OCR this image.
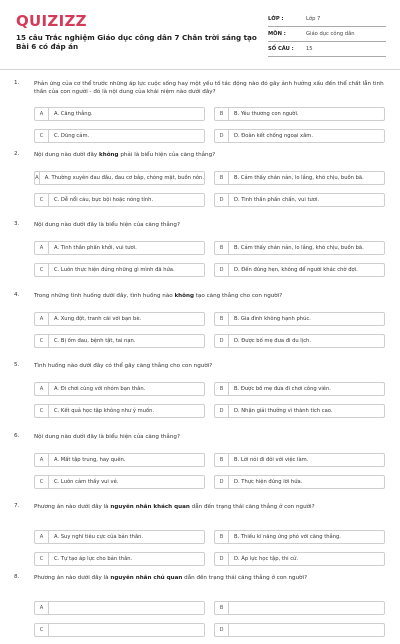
QUIZIZZ
15 câu Trắc nghiệm Giáo dục công dân 7 Chân trời sáng tạo Bài 6 có đáp án
LỚP :	Lớp 7
MÔN :	Giáo dục công dân
SỐ CÂU :	15
1.	Phản ứng của cơ thể trước những áp lực cuộc sống hay một yếu tố tác động nào đó gây ảnh hưởng xấu đến thể chất lẫn tinh thần của con người - đó là nội dung của khái niệm nào dưới đây?
A	A. Căng thẳng.	B	B. Yêu thương con người.
C	C. Dũng cảm.	D	D. Đoàn kết chống ngoại xâm.
2.	Nội dung nào dưới đây không phải là biểu hiện của căng thẳng?
A	A. Thường xuyên đau đầu, đau cơ bắp, chóng mặt, buồn nôn.	B	B. Cảm thấy chán nản, lo lắng, khó chịu, buồn bã.
C	C. Dễ nổi cáu, bực bội hoặc nóng tính.	D	D. Tinh thần phấn chấn, vui tươi.
3.	Nội dung nào dưới đây là biểu hiện của căng thẳng?
A	A. Tinh thần phấn khởi, vui tươi.	B	B. Cảm thấy chán nản, lo lắng, khó chịu, buồn bã.
C	C. Luôn thực hiện đúng những gì mình đã hứa.	D	D. Đến đúng hẹn, không để người khác chờ đợi.
4.	Trong những tình huống dưới đây, tình huống nào không tạo căng thẳng cho con người?
A	A. Xung đột, tranh cãi với bạn bè.	B	B. Gia đình không hạnh phúc.
C	C. Bị ốm đau, bệnh tật, tai nạn.	D	D. Được bố mẹ đưa đi du lịch.
5.	Tình huống nào dưới đây có thể gây căng thẳng cho con người?
A	A. Đi chơi cùng với nhóm bạn thân.	B	B. Được bố mẹ đưa đi chơi công viên.
C	C. Kết quả học tập không như ý muốn.	D	D. Nhận giải thưởng vì thành tích cao.
6.	Nội dung nào dưới đây là biểu hiện của căng thẳng?
A	A. Mất tập trung, hay quên.	B	B. Lời nói đi đôi với việc làm.
C	C. Luôn cảm thấy vui vẻ.	D	D. Thực hiện đúng lời hứa.
7.	Phương án nào dưới đây là nguyên nhân khách quan dẫn đến trạng thái căng thẳng ở con người?
A	A. Suy nghĩ tiêu cực của bản thân.	B	B. Thiếu kĩ năng ứng phó với căng thẳng.
C	C. Tự tạo áp lực cho bản thân.	D	D. Áp lực học tập, thi cử.
8.	Phương án nào dưới đây là nguyên nhân chủ quan dẫn đến trạng thái căng thẳng ở con người?
A	B
C	D
